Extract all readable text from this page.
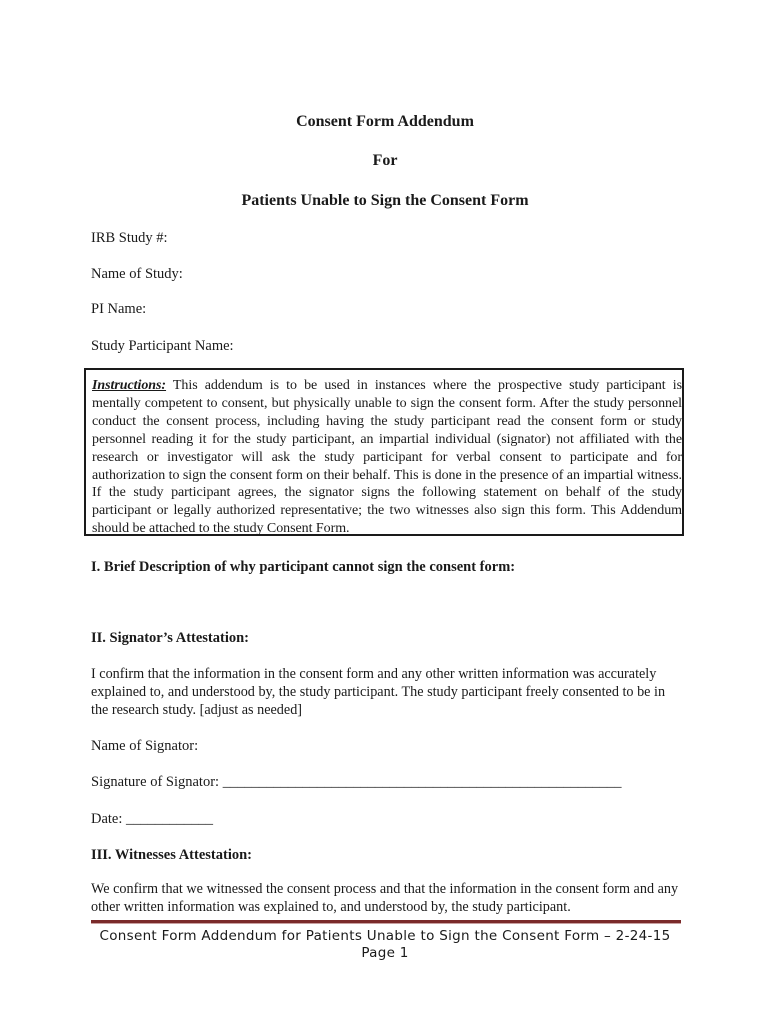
Consent Form Addendum
For
Patients Unable to Sign the Consent Form
IRB Study #:
Name of Study:
PI Name:
Study Participant Name:
Instructions: This addendum is to be used in instances where the prospective study participant is mentally competent to consent, but physically unable to sign the consent form. After the study personnel conduct the consent process, including having the study participant read the consent form or study personnel reading it for the study participant, an impartial individual (signator) not affiliated with the research or investigator will ask the study participant for verbal consent to participate and for authorization to sign the consent form on their behalf. This is done in the presence of an impartial witness. If the study participant agrees, the signator signs the following statement on behalf of the study participant or legally authorized representative; the two witnesses also sign this form. This Addendum should be attached to the study Consent Form.
I. Brief Description of why participant cannot sign the consent form:
II. Signator’s Attestation:
I confirm that the information in the consent form and any other written information was accurately explained to, and understood by, the study participant. The study participant freely consented to be in the research study. [adjust as needed]
Name of Signator:
Signature of Signator: _______________________________________________________
Date: ____________
III. Witnesses Attestation:
We confirm that we witnessed the consent process and that the information in the consent form and any other written information was explained to, and understood by, the study participant.
Consent Form Addendum for Patients Unable to Sign the Consent Form – 2-24-15
Page 1
